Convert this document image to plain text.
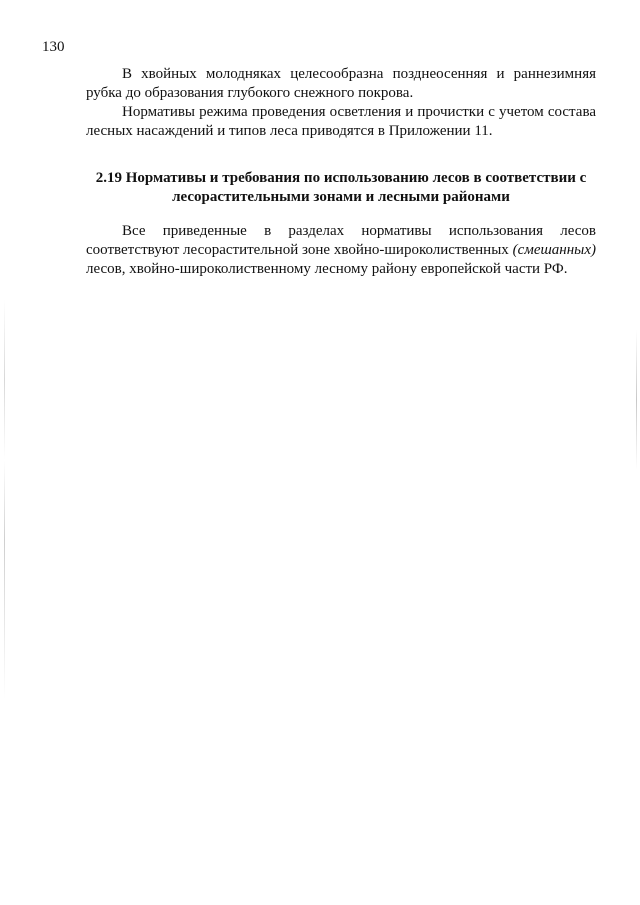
130

В хвойных молодняках целесообразна позднеосенняя и раннезимняя рубка до образования глубокого снежного покрова.

Нормативы режима проведения осветления и прочистки с учетом состава лесных насаждений и типов леса приводятся в Приложении 11.

2.19 Нормативы и требования по использованию лесов в соответствии с лесорастительными зонами и лесными районами

Все приведенные в разделах нормативы использования лесов соответствуют лесорастительной зоне хвойно-широколиственных (смешанных) лесов, хвойно-широколиственному лесному району европейской части РФ.
